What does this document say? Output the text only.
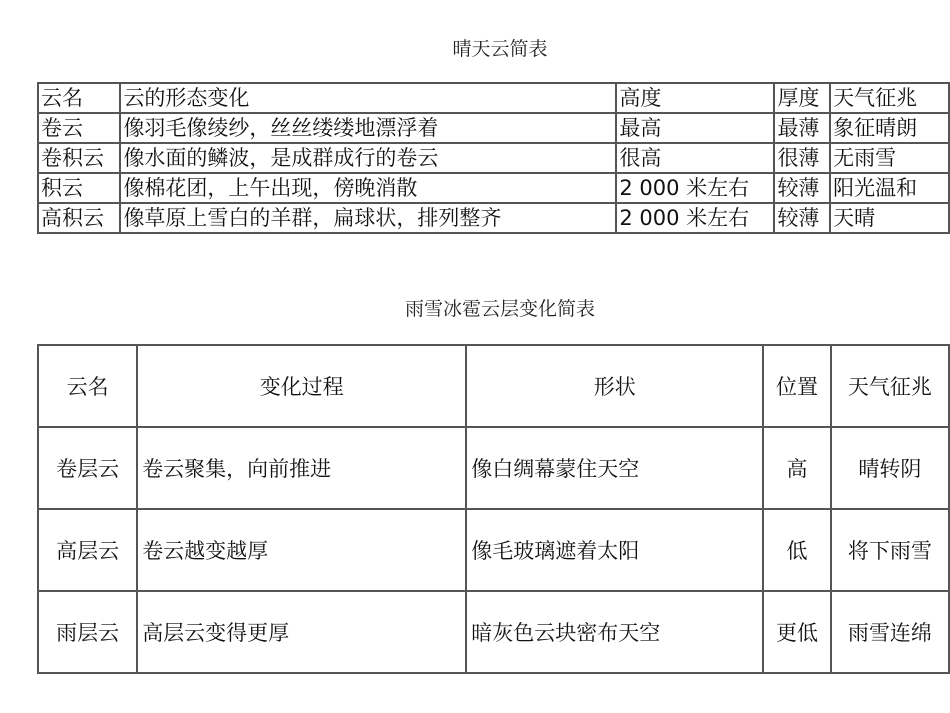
晴天云简表
云名	云的形态变化	高度	厚度	天气征兆
卷云	像羽毛像绫纱，丝丝缕缕地漂浮着	最高	最薄	象征晴朗
卷积云	像水面的鳞波，是成群成行的卷云	很高	很薄	无雨雪
积云	像棉花团，上午出现，傍晚消散	2 000 米左右	较薄	阳光温和
高积云	像草原上雪白的羊群，扁球状，排列整齐	2 000 米左右	较薄	天晴
雨雪冰雹云层变化简表
云名	变化过程	形状	位置	天气征兆
卷层云	卷云聚集，向前推进	像白绸幕蒙住天空	高	晴转阴
高层云	卷云越变越厚	像毛玻璃遮着太阳	低	将下雨雪
雨层云	高层云变得更厚	暗灰色云块密布天空	更低	雨雪连绵
